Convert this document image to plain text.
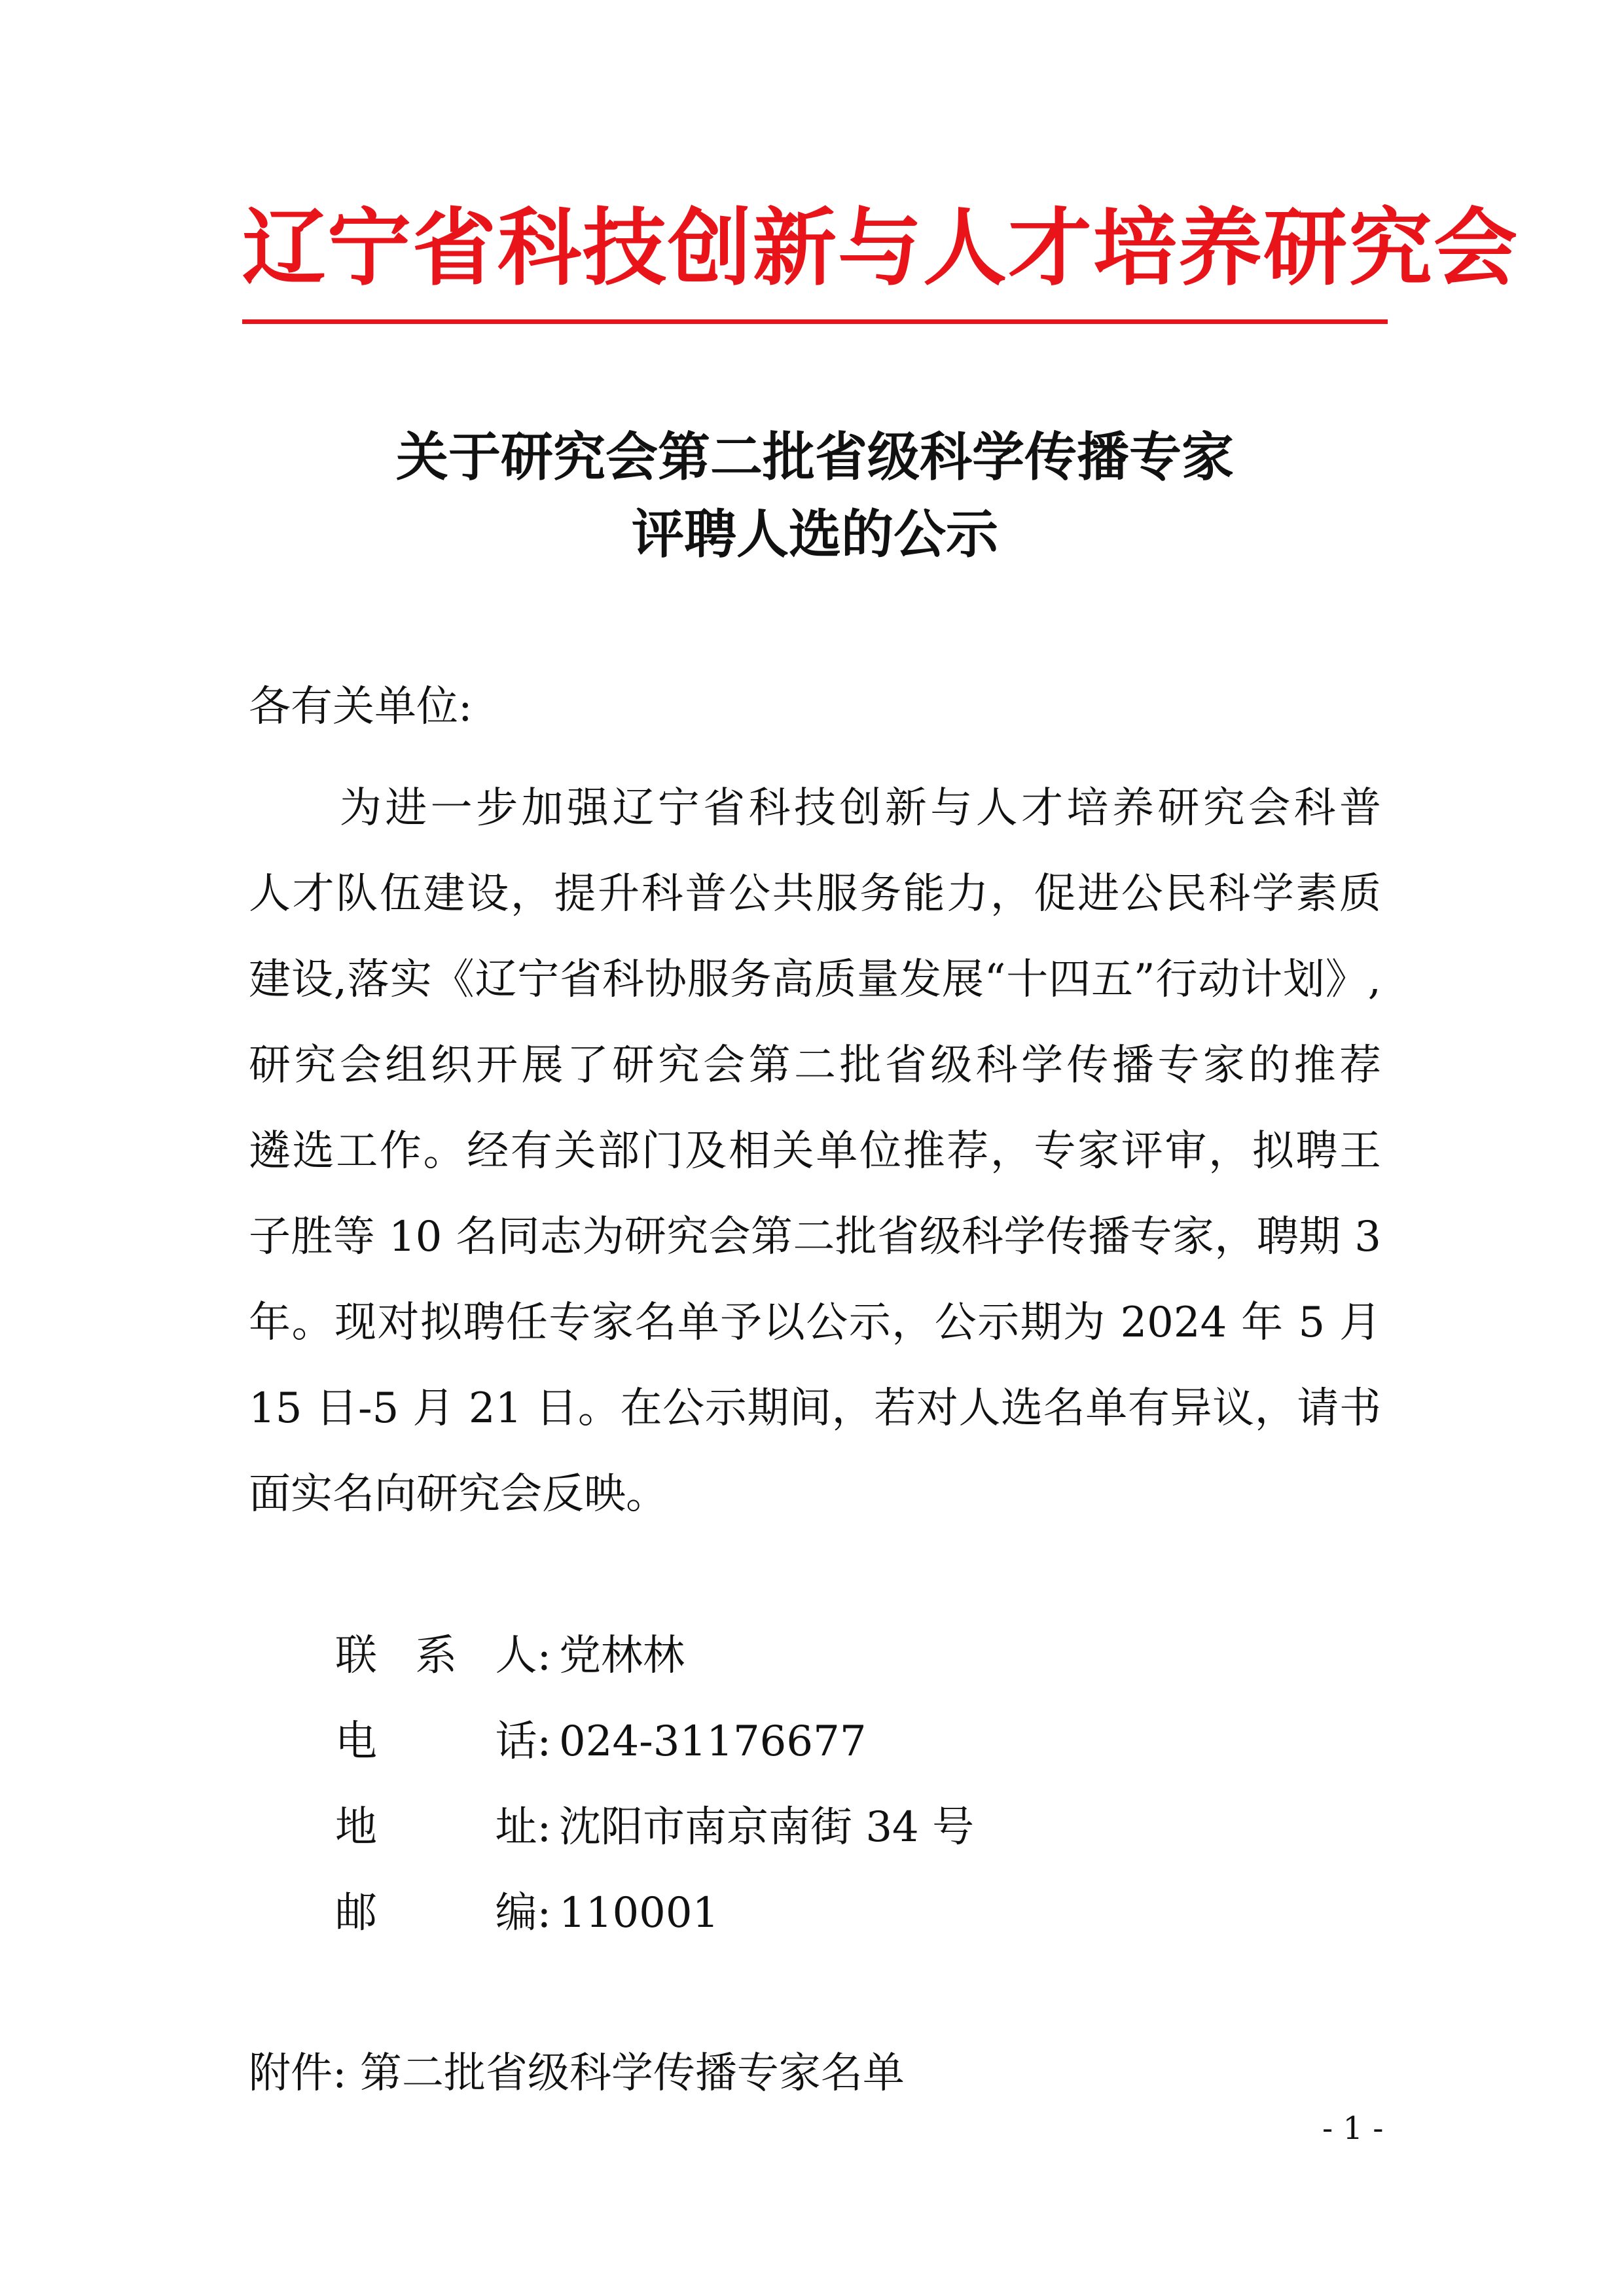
辽宁省科技创新与人才培养研究会
关于研究会第二批省级科学传播专家
评聘人选的公示
各有关单位:
　　为进一步加强辽宁省科技创新与人才培养研究会科普
人才队伍建设，提升科普公共服务能力，促进公民科学素质
建设,落实《辽宁省科协服务高质量发展“十四五”行动计划》,
研究会组织开展了研究会第二批省级科学传播专家的推荐
遴选工作。经有关部门及相关单位推荐，专家评审，拟聘王
子胜等 10 名同志为研究会第二批省级科学传播专家，聘期 3
年。现对拟聘任专家名单予以公示，公示期为 2024 年 5 月
15 日-5 月 21 日。在公示期间，若对人选名单有异议，请书
面实名向研究会反映。
联 系 人: 党林林
电	话: 024-31176677
地	址: 沈阳市南京南街 34 号
邮	编: 110001
附件: 第二批省级科学传播专家名单
- 1 -
